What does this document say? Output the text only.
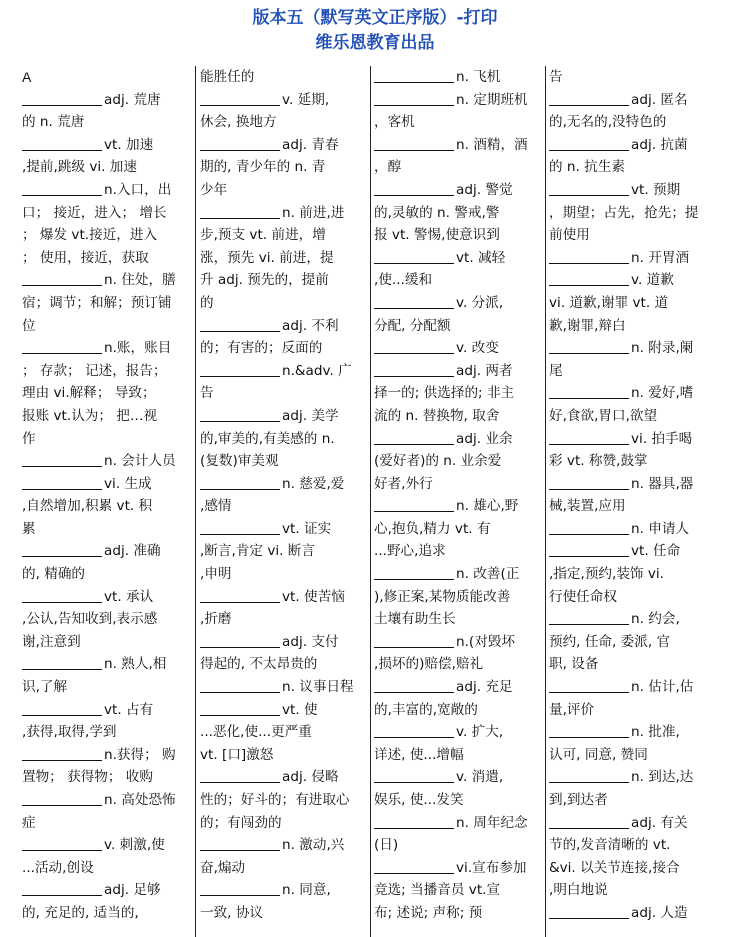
版本五（默写英文正序版）-打印
维乐恩教育出品
A
adj. 荒唐
的 n. 荒唐
vt. 加速
,提前,跳级 vi. 加速
n.入口，出
口； 接近，进入； 增长
； 爆发 vt.接近，进入
； 使用，接近，获取
n. 住处，膳
宿；调节；和解；预订铺
位
n.账，账目
； 存款； 记述，报告；
理由 vi.解释； 导致；
报账 vt.认为； 把…视
作
n. 会计人员
vi. 生成
,自然增加,积累 vt. 积
累
adj. 准确
的, 精确的
vt. 承认
,公认,告知收到,表示感
谢,注意到
n. 熟人,相
识,了解
vt. 占有
,获得,取得,学到
n.获得； 购
置物； 获得物； 收购
n. 高处恐怖
症
v. 刺激,使
...活动,创设
adj. 足够
的, 充足的, 适当的,
能胜任的
v. 延期,
休会, 换地方
adj. 青春
期的, 青少年的 n. 青
少年
n. 前进,进
步,预支 vt. 前进，增
涨，预先 vi. 前进，提
升 adj. 预先的，提前
的
adj. 不利
的；有害的；反面的
n.&adv. 广
告
adj. 美学
的,审美的,有美感的 n.
(复数)审美观
n. 慈爱,爱
,感情
vt. 证实
,断言,肯定 vi. 断言
,申明
vt. 使苦恼
,折磨
adj. 支付
得起的, 不太昂贵的
n. 议事日程
vt. 使
...恶化,使...更严重
vt. [口]激怒
adj. 侵略
性的；好斗的；有进取心
的；有闯劲的
n. 激动,兴
奋,煽动
n. 同意,
一致, 协议
n. 飞机
n. 定期班机
，客机
n. 酒精，酒
，醇
adj. 警觉
的,灵敏的 n. 警戒,警
报 vt. 警惕,使意识到
vt. 减轻
,使...缓和
v. 分派,
分配, 分配额
v. 改变
adj. 两者
择一的; 供选择的; 非主
流的 n. 替换物, 取舍
adj. 业余
(爱好者)的 n. 业余爱
好者,外行
n. 雄心,野
心,抱负,精力 vt. 有
...野心,追求
n. 改善(正
),修正案,某物质能改善
土壤有助生长
n.(对毁坏
,损坏的)赔偿,赔礼
adj. 充足
的,丰富的,宽敞的
v. 扩大,
详述, 使...增幅
v. 消遣,
娱乐, 使...发笑
n. 周年纪念
(日)
vi.宣布参加
竞选; 当播音员 vt.宣
布; 述说; 声称; 预
告
adj. 匿名
的,无名的,没特色的
adj. 抗菌
的 n. 抗生素
vt. 预期
，期望；占先，抢先；提
前使用
n. 开胃酒
v. 道歉
vi. 道歉,谢罪 vt. 道
歉,谢罪,辩白
n. 附录,阑
尾
n. 爱好,嗜
好,食欲,胃口,欲望
vi. 拍手喝
彩 vt. 称赞,鼓掌
n. 器具,器
械,装置,应用
n. 申请人
vt. 任命
,指定,预约,装饰 vi.
行使任命权
n. 约会,
预约, 任命, 委派, 官
职, 设备
n. 估计,估
量,评价
n. 批准,
认可, 同意, 赞同
n. 到达,达
到,到达者
adj. 有关
节的,发音清晰的 vt.
&vi. 以关节连接,接合
,明白地说
adj. 人造
